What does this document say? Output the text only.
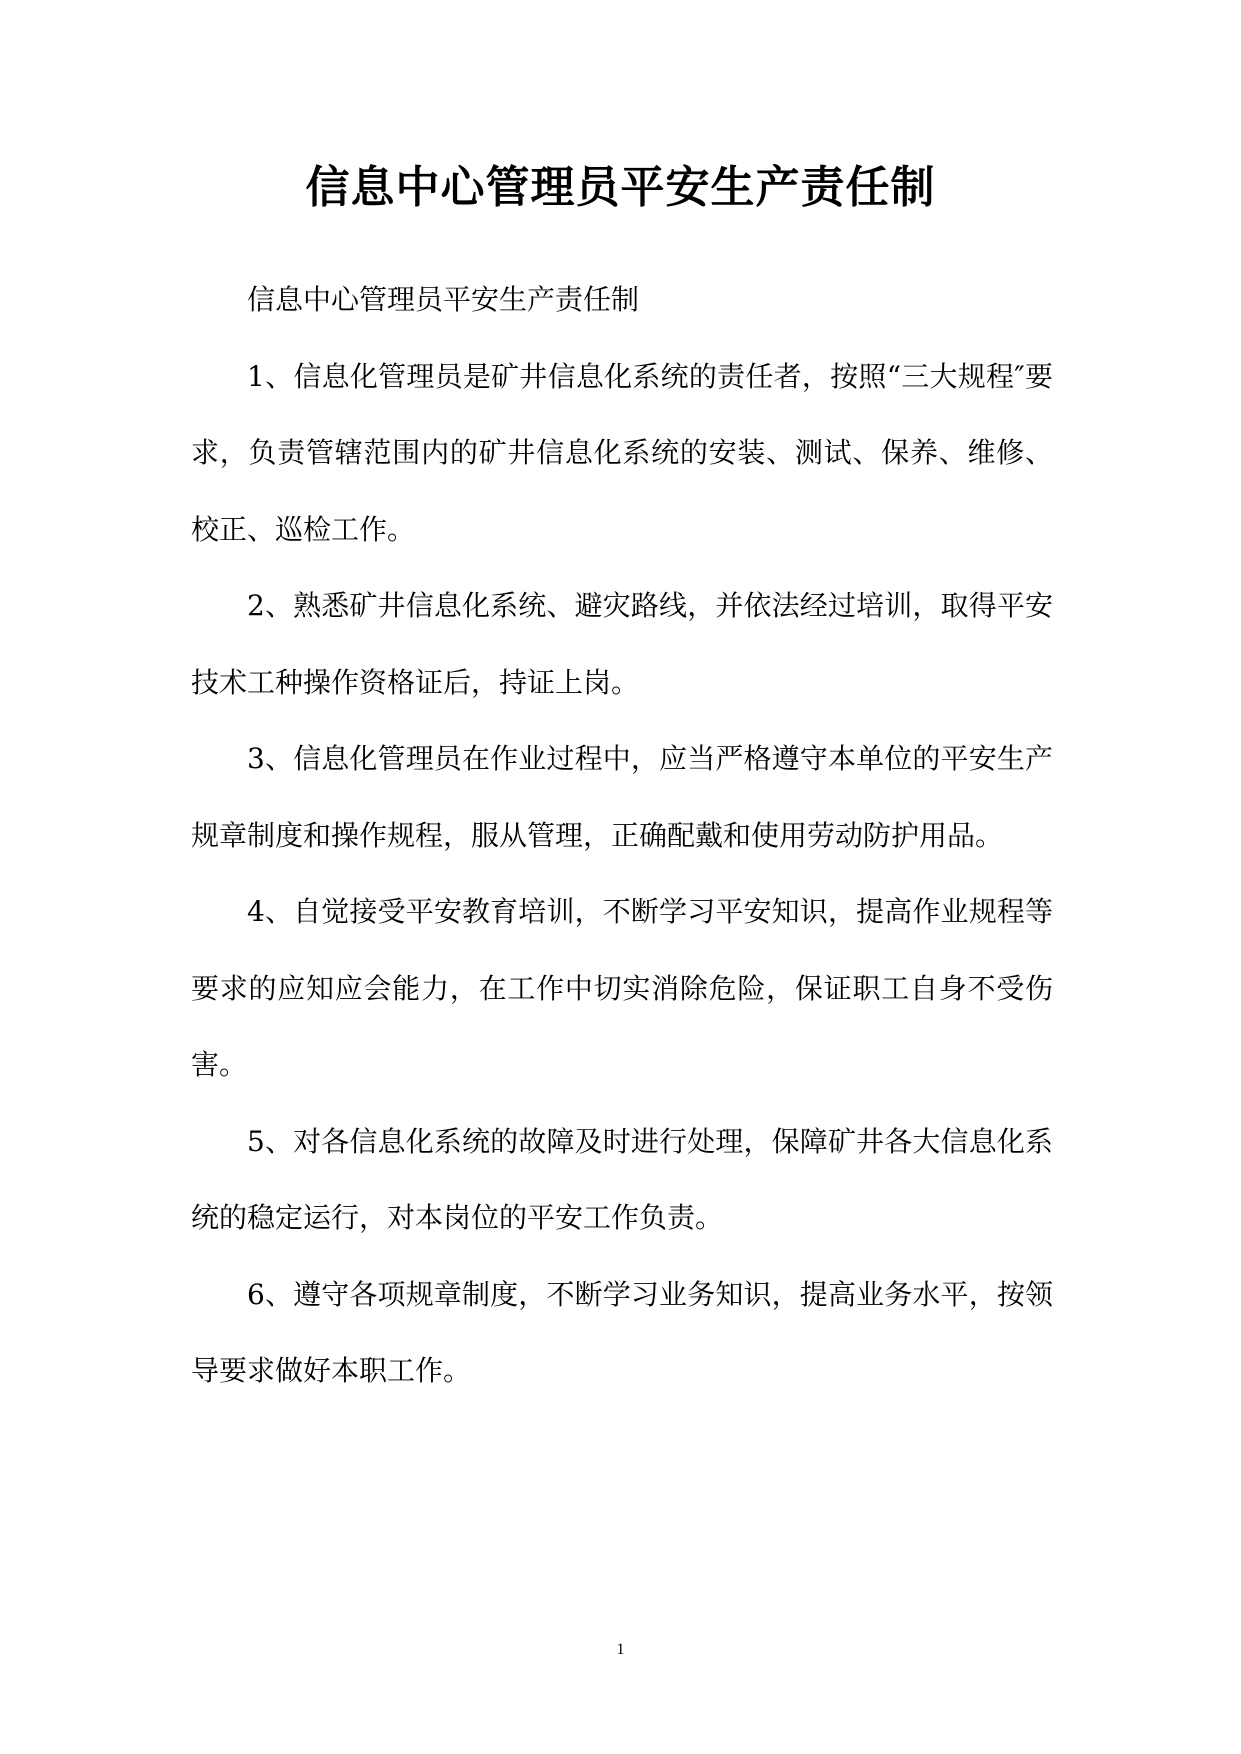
信息中心管理员平安生产责任制

信息中心管理员平安生产责任制

1、信息化管理员是矿井信息化系统的责任者，按照“三大规程″要求，负责管辖范围内的矿井信息化系统的安装、测试、保养、维修、校正、巡检工作。

2、熟悉矿井信息化系统、避灾路线，并依法经过培训，取得平安技术工种操作资格证后，持证上岗。

3、信息化管理员在作业过程中，应当严格遵守本单位的平安生产规章制度和操作规程，服从管理，正确配戴和使用劳动防护用品。

4、自觉接受平安教育培训，不断学习平安知识，提高作业规程等要求的应知应会能力，在工作中切实消除危险，保证职工自身不受伤害。

5、对各信息化系统的故障及时进行处理，保障矿井各大信息化系统的稳定运行，对本岗位的平安工作负责。

6、遵守各项规章制度，不断学习业务知识，提高业务水平，按领导要求做好本职工作。

1
